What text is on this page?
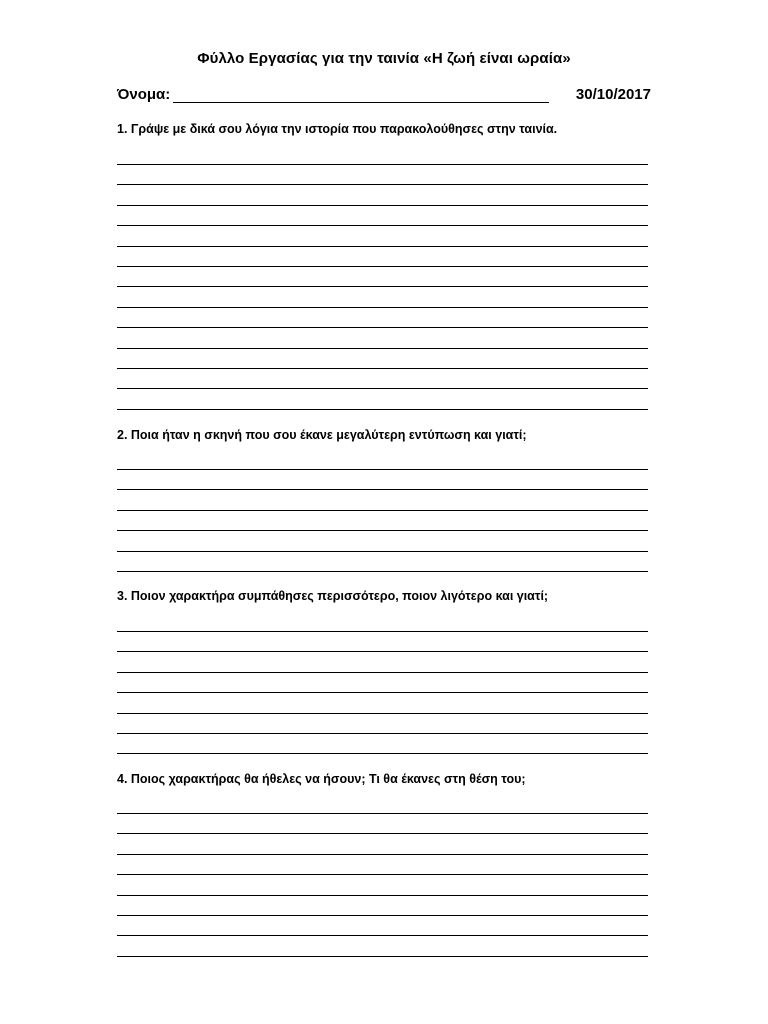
Φύλλο Εργασίας για την ταινία «Η ζωή είναι ωραία»
Όνομα:	30/10/2017
1. Γράψε με δικά σου λόγια την ιστορία που παρακολούθησες στην ταινία.
2. Ποια ήταν η σκηνή που σου έκανε μεγαλύτερη εντύπωση και γιατί;
3. Ποιον χαρακτήρα συμπάθησες περισσότερο, ποιον λιγότερο και γιατί;
4. Ποιος χαρακτήρας θα ήθελες να ήσουν; Τι θα έκανες στη θέση του;
